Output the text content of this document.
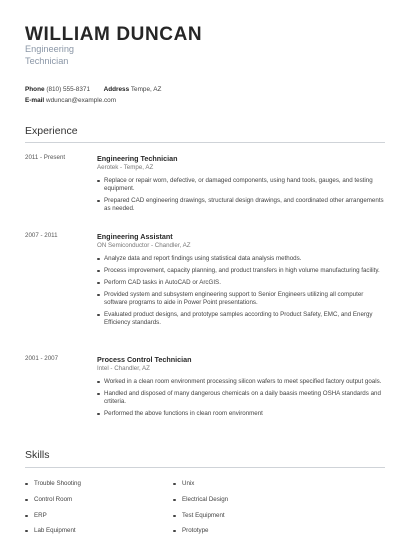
WILLIAM DUNCAN
Engineering
Technician
Phone (810) 555-8371 Address Tempe, AZ
E-mail wduncan@example.com
Experience
2011 - Present	Engineering Technician
Aerotek - Tempe, AZ
Replace or repair worn, defective, or damaged components, using hand tools, gauges, and testing equipment.
Prepared CAD engineering drawings, structural design drawings, and coordinated other arrangements as needed.
2007 - 2011	Engineering Assistant
ON Semiconductor - Chandler, AZ
Analyze data and report findings using statistical data analysis methods.
Process improvement, capacity planning, and product transfers in high volume manufacturing facility.
Perform CAD tasks in AutoCAD or ArcGIS.
Provided system and subsystem engineering support to Senior Engineers utilizing all computer software programs to aide in Power Point presentations.
Evaluated product designs, and prototype samples according to Product Safety, EMC, and Energy Efficiency standards.
2001 - 2007	Process Control Technician
Intel - Chandler, AZ
Worked in a clean room environment processing silicon wafers to meet specified factory output goals.
Handled and disposed of many dangerous chemicals on a daily baasis meeting OSHA standards and crtiteria.
Performed the above functions in clean room environment
Skills
Trouble Shooting	Unix
Control Room	Electrical Design
ERP	Test Equipment
Lab Equipment	Prototype
